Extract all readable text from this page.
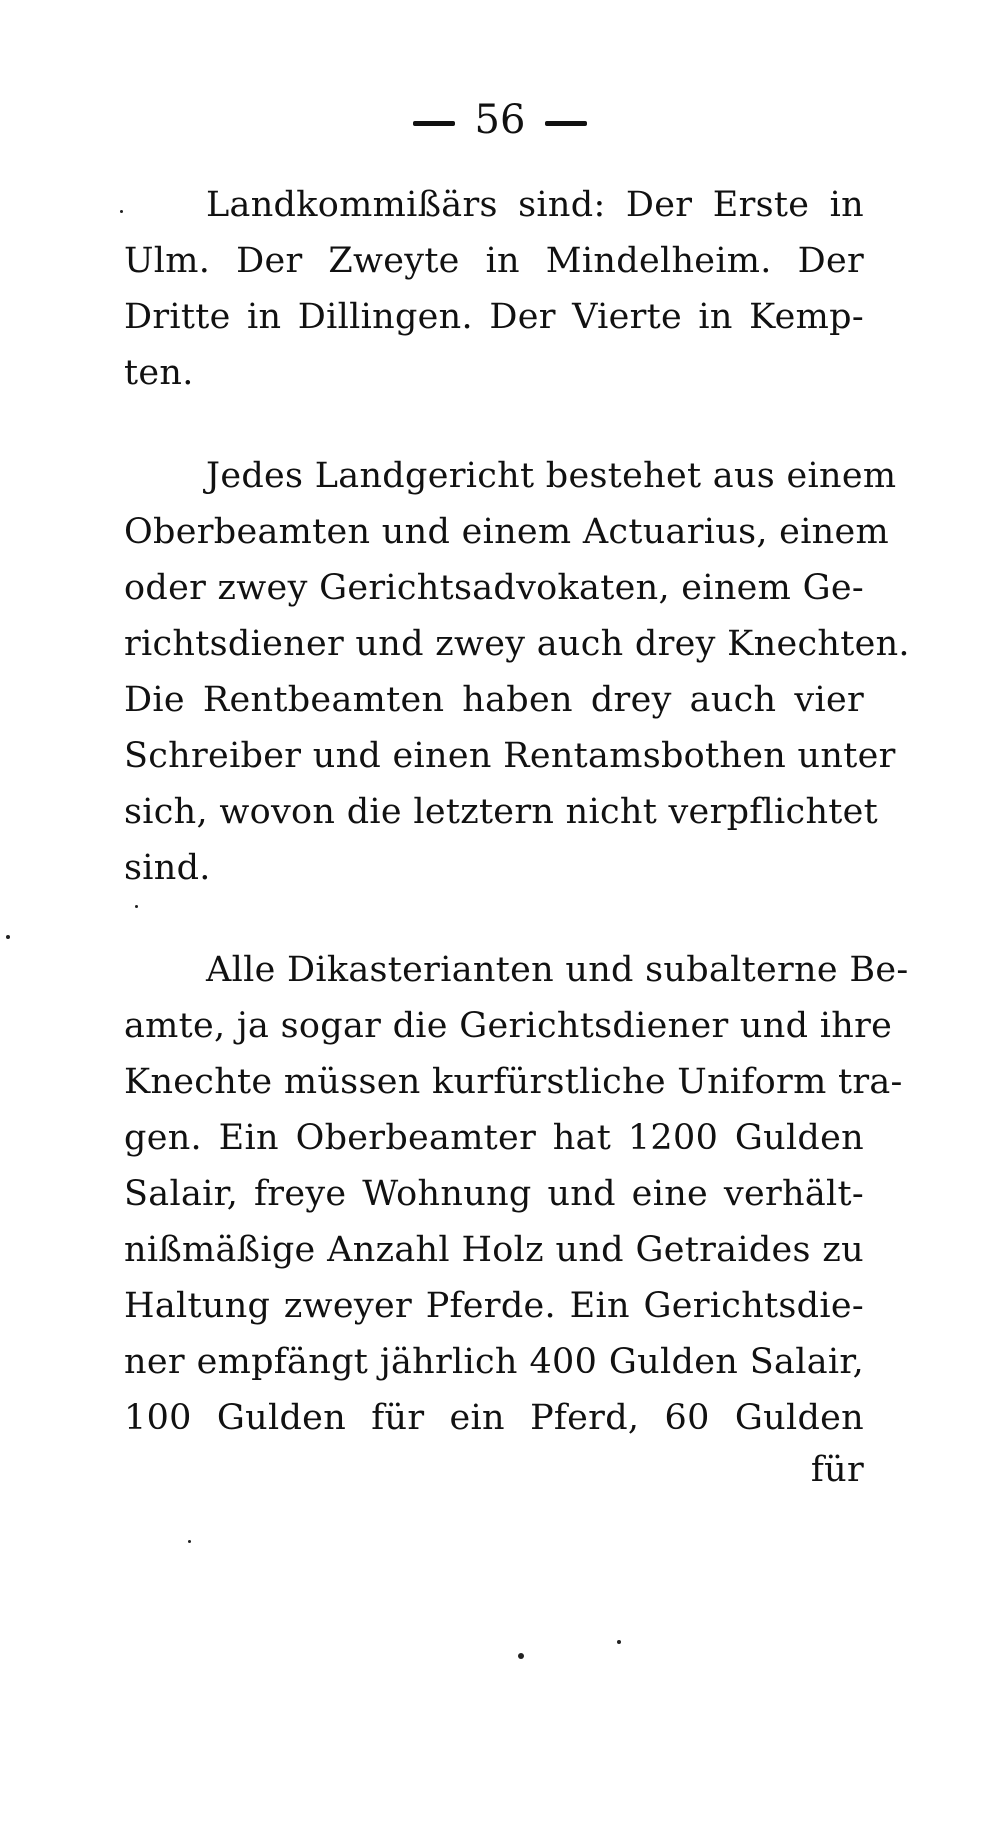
56
Landkommißärs sind: Der Erste in
Ulm. Der Zweyte in Mindelheim. Der
Dritte in Dillingen. Der Vierte in Kemp-
ten.
Jedes Landgericht bestehet aus einem
Oberbeamten und einem Actuarius, einem
oder zwey Gerichtsadvokaten, einem Ge-
richtsdiener und zwey auch drey Knechten.
Die Rentbeamten haben drey auch vier
Schreiber und einen Rentamsbothen unter
sich, wovon die letztern nicht verpflichtet
sind.
Alle Dikasterianten und subalterne Be-
amte, ja sogar die Gerichtsdiener und ihre
Knechte müssen kurfürstliche Uniform tra-
gen. Ein Oberbeamter hat 1200 Gulden
Salair, freye Wohnung und eine verhält-
nißmäßige Anzahl Holz und Getraides zu
Haltung zweyer Pferde. Ein Gerichtsdie-
ner empfängt jährlich 400 Gulden Salair,
100 Gulden für ein Pferd, 60 Gulden
für
